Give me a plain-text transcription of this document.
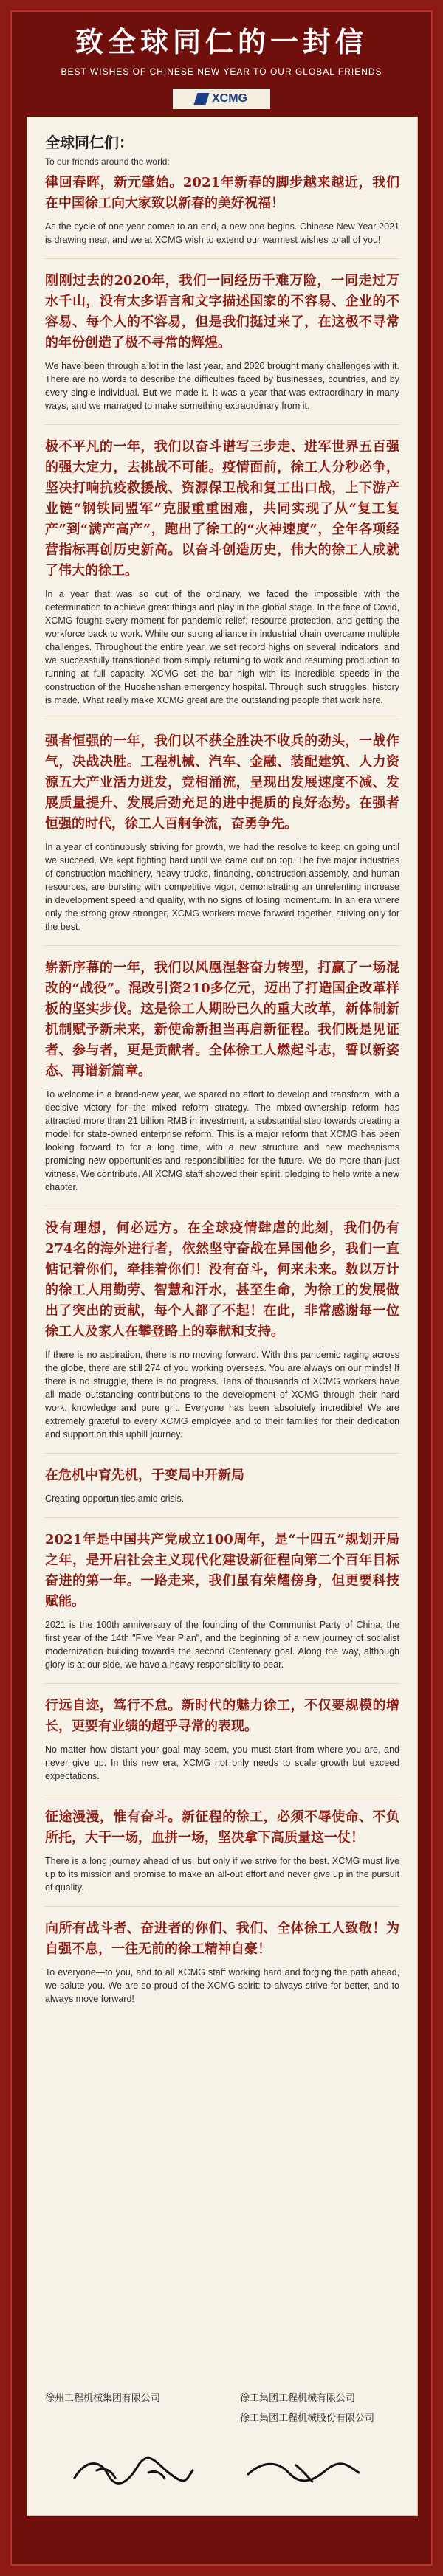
致全球同仁的一封信
BEST WISHES OF CHINESE NEW YEAR TO OUR GLOBAL FRIENDS
XCMG

全球同仁们：

To our friends around the world:

律回春晖，新元肇始。2021年新春的脚步越来越近，我们在中国徐工向大家致以新春的美好祝福！

As the cycle of one year comes to an end, a new one begins. Chinese New Year 2021 is drawing near, and we at XCMG wish to extend our warmest wishes to all of you!

刚刚过去的2020年，我们一同经历千难万险，一同走过万水千山，没有太多语言和文字描述国家的不容易、企业的不容易、每个人的不容易，但是我们挺过来了，在这极不寻常的年份创造了极不寻常的辉煌。

We have been through a lot in the last year, and 2020 brought many challenges with it. There are no words to describe the difficulties faced by businesses, countries, and by every single individual. But we made it. It was a year that was extraordinary in many ways, and we managed to make something extraordinary from it.

极不平凡的一年，我们以奋斗谱写三步走、进军世界五百强的强大定力，去挑战不可能。疫情面前，徐工人分秒必争，坚决打响抗疫救援战、资源保卫战和复工出口战，上下游产业链“钢铁同盟军”克服重重困难，共同实现了从“复工复产”到“满产高产”，跑出了徐工的“火神速度”，全年各项经营指标再创历史新高。以奋斗创造历史，伟大的徐工人成就了伟大的徐工。

In a year that was so out of the ordinary, we faced the impossible with the determination to achieve great things and play in the global stage. In the face of Covid, XCMG fought every moment for pandemic relief, resource protection, and getting the workforce back to work. While our strong alliance in industrial chain overcame multiple challenges. Throughout the entire year, we set record highs on several indicators, and we successfully transitioned from simply returning to work and resuming production to running at full capacity. XCMG set the bar high with its incredible speeds in the construction of the Huoshenshan emergency hospital. Through such struggles, history is made. What really make XCMG great are the outstanding people that work here.

强者恒强的一年，我们以不获全胜决不收兵的劲头，一战作气，决战决胜。工程机械、汽车、金融、装配建筑、人力资源五大产业活力迸发，竞相涌流，呈现出发展速度不减、发展质量提升、发展后劲充足的进中提质的良好态势。在强者恒强的时代，徐工人百舸争流，奋勇争先。

In a year of continuously striving for growth, we had the resolve to keep on going until we succeed. We kept fighting hard until we came out on top. The five major industries of construction machinery, heavy trucks, financing, construction assembly, and human resources, are bursting with competitive vigor, demonstrating an unrelenting increase in development speed and quality, with no signs of losing momentum. In an era where only the strong grow stronger, XCMG workers move forward together, striving only for the best.

崭新序幕的一年，我们以风凰涅磐奋力转型，打赢了一场混改的“战役”。混改引资210多亿元，迈出了打造国企改革样板的坚实步伐。这是徐工人期盼已久的重大改革，新体制新机制赋予新未来，新使命新担当再启新征程。我们既是见证者、参与者，更是贡献者。全体徐工人燃起斗志，誓以新姿态、再谱新篇章。

To welcome in a brand-new year, we spared no effort to develop and transform, with a decisive victory for the mixed reform strategy. The mixed-ownership reform has attracted more than 21 billion RMB in investment, a substantial step towards creating a model for state-owned enterprise reform. This is a major reform that XCMG has been looking forward to for a long time, with a new structure and new mechanisms promising new opportunities and responsibilities for the future. We do more than just witness. We contribute. All XCMG staff showed their spirit, pledging to help write a new chapter.

没有理想，何必远方。在全球疫情肆虐的此刻，我们仍有274名的海外进行者，依然坚守奋战在异国他乡，我们一直惦记着你们，牵挂着你们！没有奋斗，何来未来。数以万计的徐工人用勤劳、智慧和汗水，甚至生命，为徐工的发展做出了突出的贡献，每个人都了不起！在此，非常感谢每一位徐工人及家人在攀登路上的奉献和支持。

If there is no aspiration, there is no moving forward. With this pandemic raging across the globe, there are still 274 of you working overseas. You are always on our minds! If there is no struggle, there is no progress. Tens of thousands of XCMG workers have all made outstanding contributions to the development of XCMG through their hard work, knowledge and pure grit. Everyone has been absolutely incredible! We are extremely grateful to every XCMG employee and to their families for their dedication and support on this uphill journey.

在危机中育先机，于变局中开新局

Creating opportunities amid crisis.

2021年是中国共产党成立100周年，是“十四五”规划开局之年，是开启社会主义现代化建设新征程向第二个百年目标奋进的第一年。一路走来，我们虽有荣耀傍身，但更要科技赋能。

2021 is the 100th anniversary of the founding of the Communist Party of China, the first year of the 14th "Five Year Plan", and the beginning of a new journey of socialist modernization building towards the second Centenary goal. Along the way, although glory is at our side, we have a heavy responsibility to bear.

行远自迩，笃行不怠。新时代的魅力徐工，不仅要规模的增长，更要有业绩的超乎寻常的表现。

No matter how distant your goal may seem, you must start from where you are, and never give up. In this new era, XCMG not only needs to scale growth but exceed expectations.

征途漫漫，惟有奋斗。新征程的徐工，必须不辱使命、不负所托，大干一场，血拼一场，坚决拿下高质量这一仗！

There is a long journey ahead of us, but only if we strive for the best. XCMG must live up to its mission and promise to make an all-out effort and never give up in the pursuit of quality.

向所有战斗者、奋进者的你们、我们、全体徐工人致敬！为自强不息，一往无前的徐工精神自豪！

To everyone—to you, and to all XCMG staff working hard and forging the path ahead, we salute you. We are so proud of the XCMG spirit: to always strive for better, and to always move forward!

徐州工程机械集团有限公司	徐工集团工程机械有限公司
徐工集团工程机械股份有限公司
